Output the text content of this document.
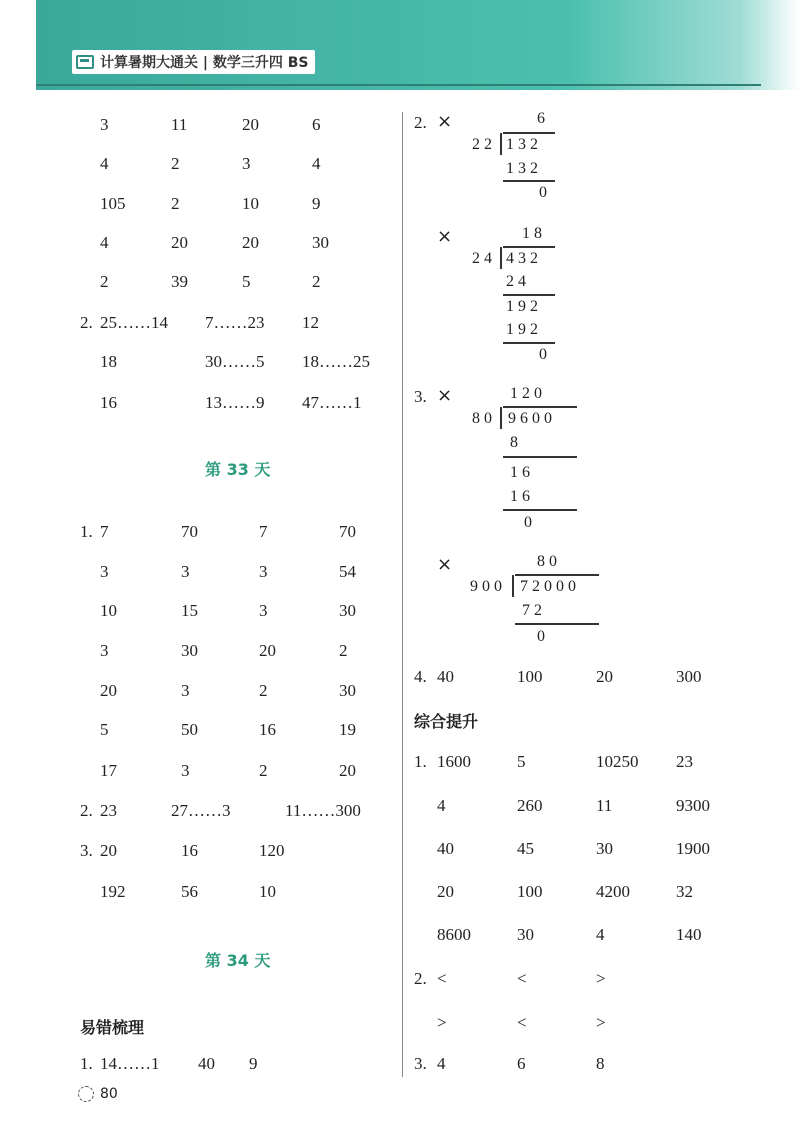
计算暑期大通关 | 数学三升四 BS
3	11	20	6
4	2	3	4
105	2	10	9
4	20	20	30
2	39	5	2
2. 25……14 7……23 12
18	30……5 18……25
16	13……9 47……1
第 33 天
1. 7	70	7	70
3	3	3	54
10	15	3	30
3	30	20	2
20	3	2	30
5	50	16	19
17	3	2	20
2. 23	27……3	11……300
3. 20	16	120
192	56	10
第 34 天
易错梳理
1. 14……1 40 9
2. ×	6
22 132
132
0
×	18
24 432
24
192
192
0
3. ×	120
80 9600
8
16
16
0
×	80
900 72000
72
0
4. 40	100	20	300
综合提升
1. 1600	5	10250 23
4	260	11	9300
40	45	30	1900
20	100	4200	32
8600	30	4	140
2. <	<	>
>	<	>
3. 4	6	8
80
